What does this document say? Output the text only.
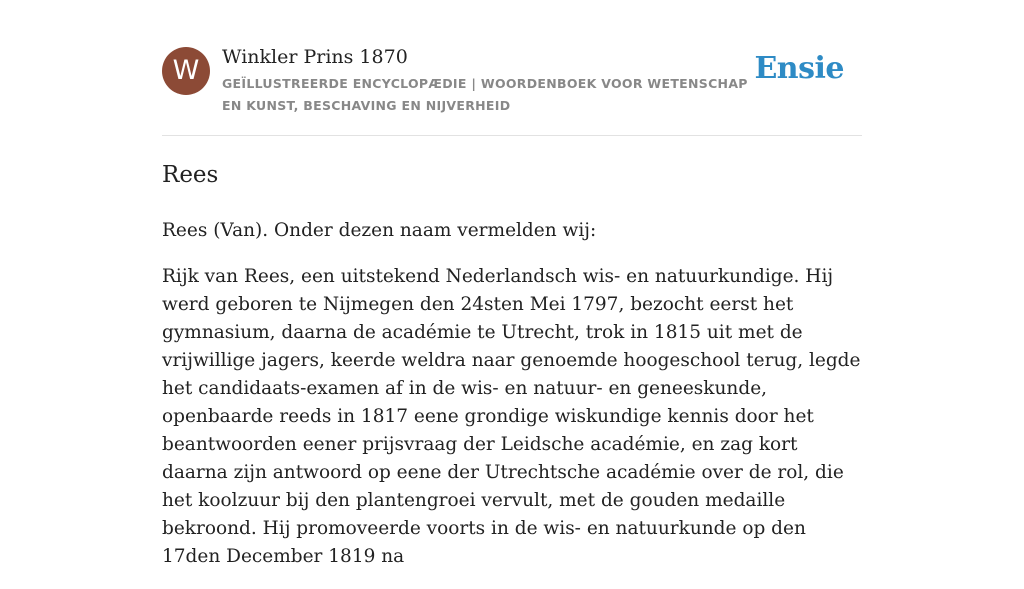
W	Winkler Prins 1870
GEÏLLUSTREERDE ENCYCLOPÆDIE | WOORDENBOEK VOOR WETENSCHAP EN KUNST, BESCHAVING EN NIJVERHEID
Ensie
Rees

Rees (Van). Onder dezen naam vermelden wij:

Rijk van Rees, een uitstekend Nederlandsch wis- en natuurkundige. Hij werd geboren te Nijmegen den 24sten Mei 1797, bezocht eerst het gymnasium, daarna de académie te Utrecht, trok in 1815 uit met de vrijwillige jagers, keerde weldra naar genoemde hoogeschool terug, legde het candidaats-examen af in de wis- en natuur- en geneeskunde, openbaarde reeds in 1817 eene grondige wiskundige kennis door het beantwoorden eener prijsvraag der Leidsche académie, en zag kort daarna zijn antwoord op eene der Utrechtsche académie over de rol, die het koolzuur bij den plantengroei vervult, met de gouden medaille bekroond. Hij promoveerde voorts in de wis- en natuurkunde op den 17den December 1819 na
